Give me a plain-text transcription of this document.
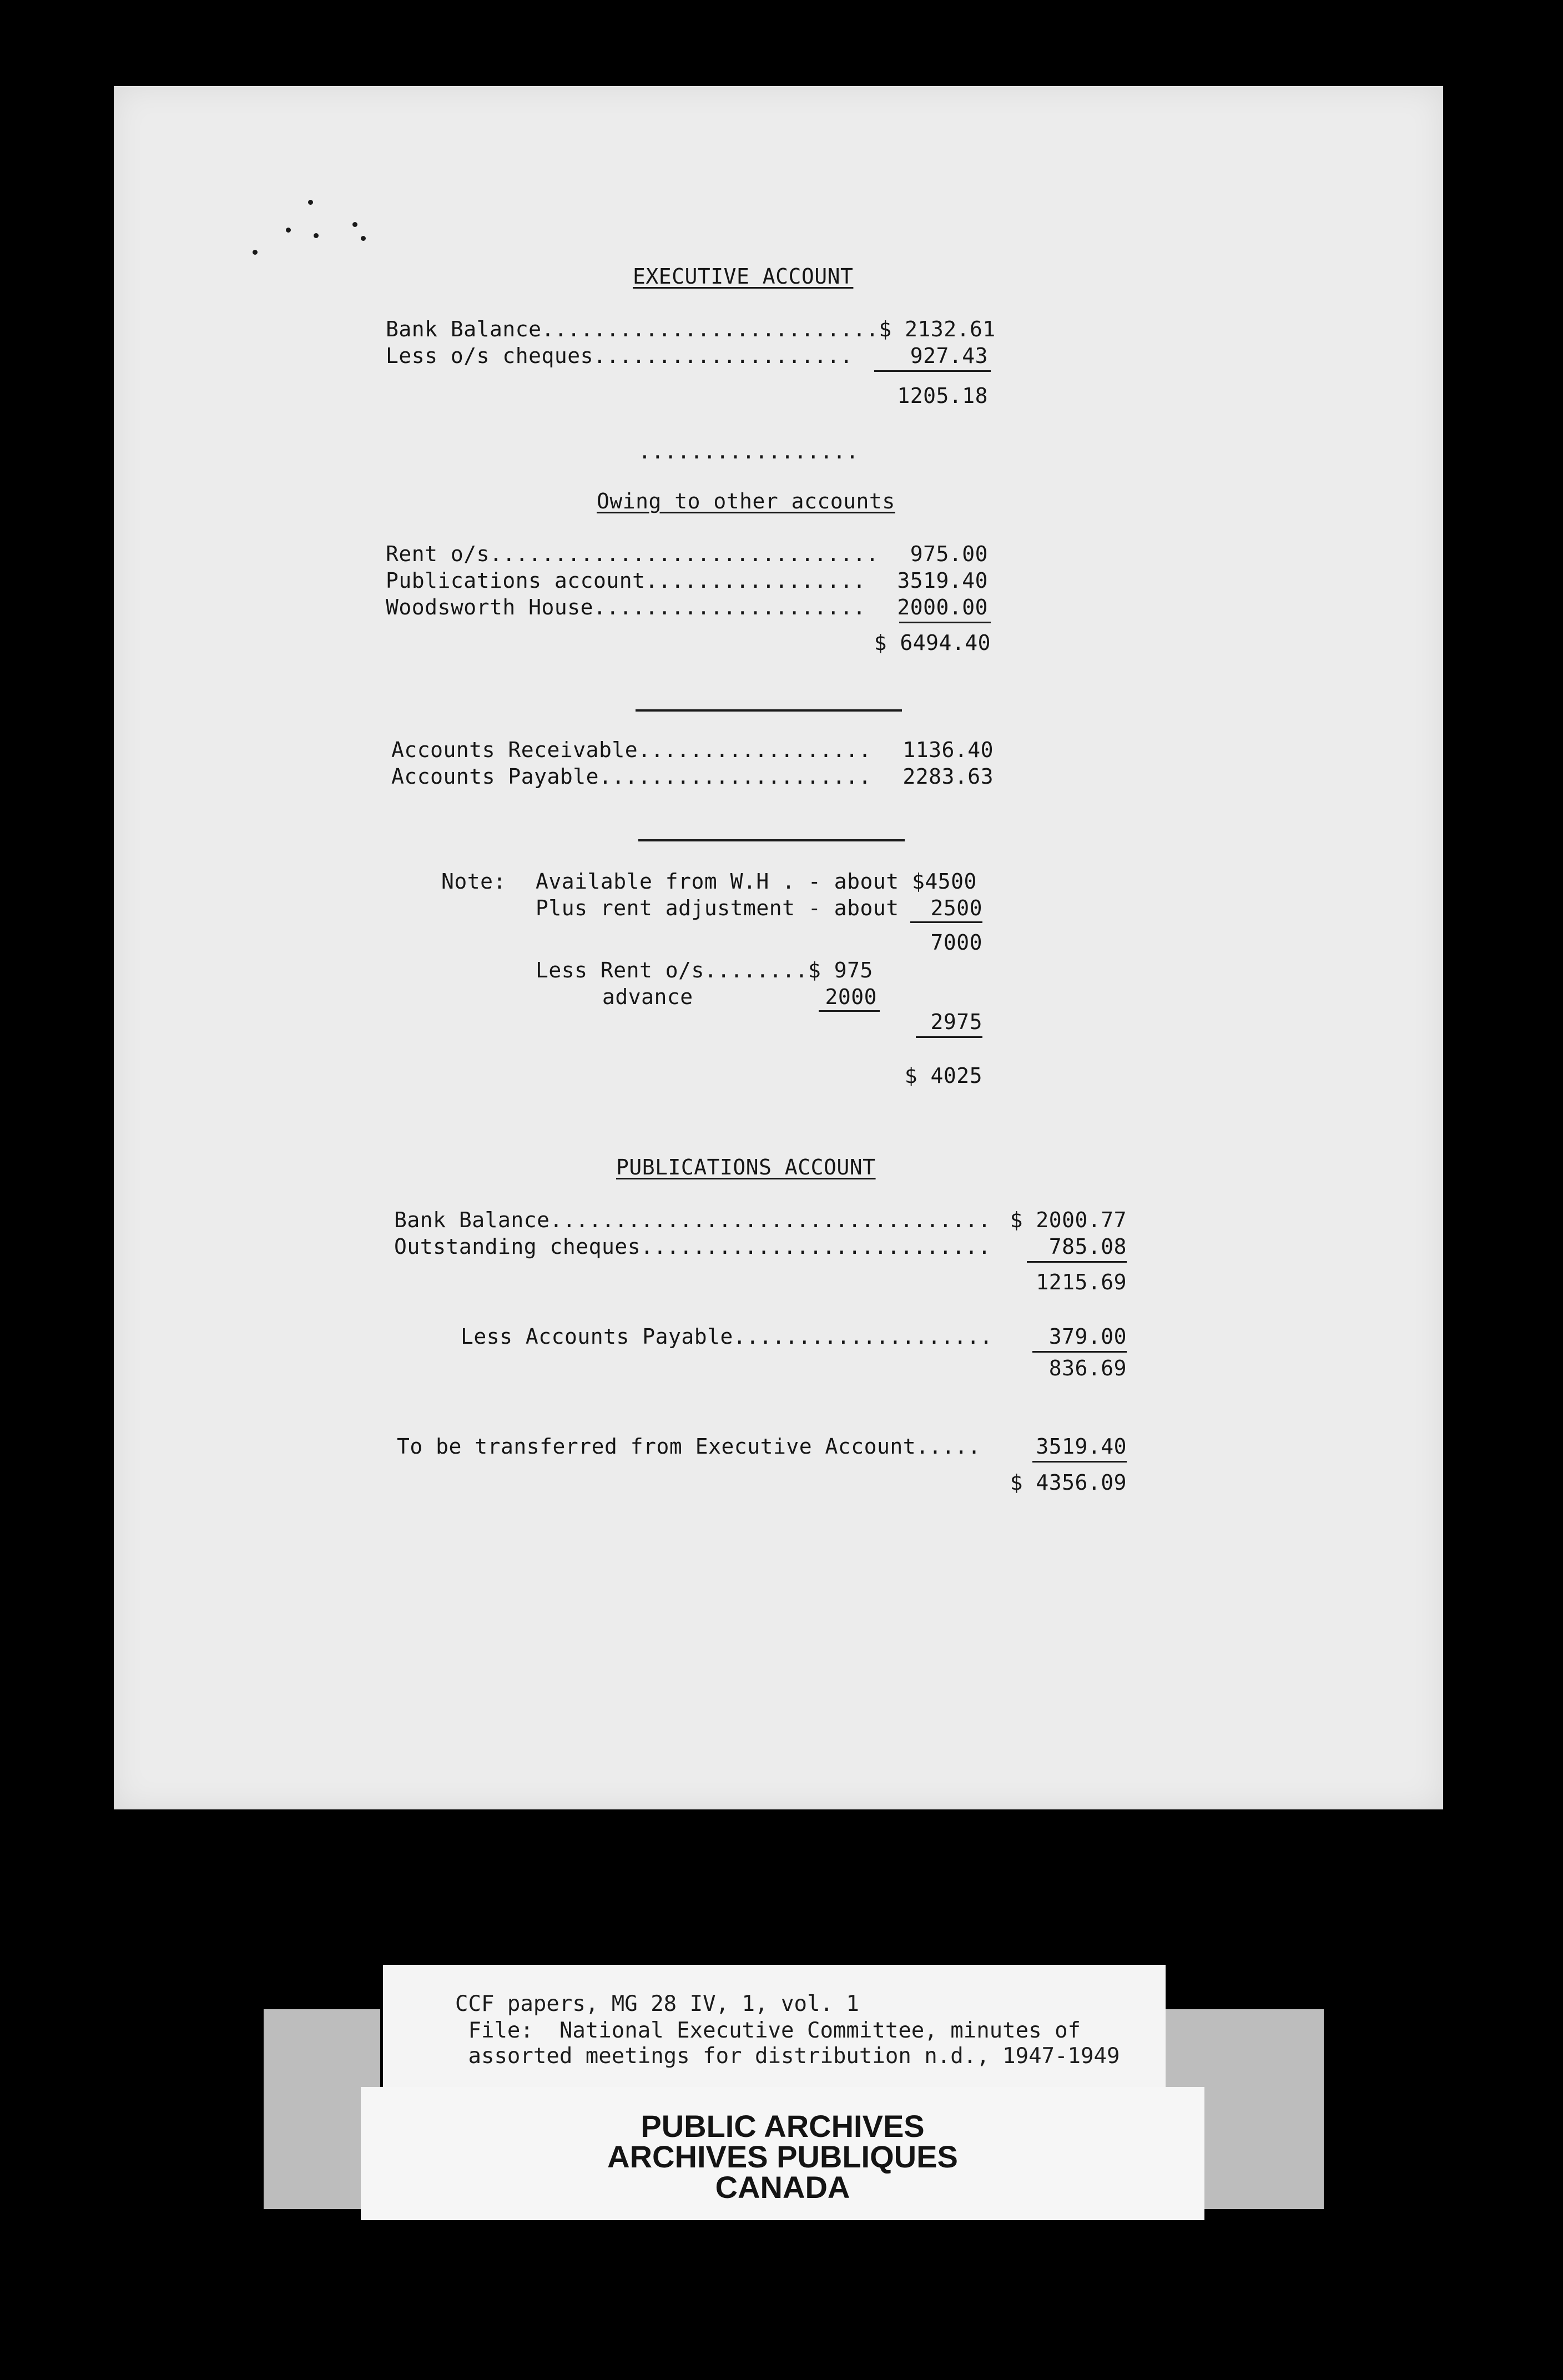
EXECUTIVE ACCOUNT
Bank Balance..........................$ 2132.61
Less o/s cheques....................	927.43
1205.18
.................
Owing to other accounts
Rent o/s..............................	975.00
Publications account.................	3519.40
Woodsworth House.....................	2000.00
$ 6494.40
Accounts Receivable..................	1136.40
Accounts Payable.....................	2283.63
Note: Available from W.H . - about $4500
Plus rent adjustment - about	2500
7000
Less Rent o/s........$ 975
advance	2000
2975
$ 4025
PUBLICATIONS ACCOUNT
Bank Balance.................................. $ 2000.77
Outstanding cheques...........................	785.08
1215.69
Less Accounts Payable....................	379.00
836.69
To be transferred from Executive Account.....	3519.40
$ 4356.09
CCF papers, MG 28 IV, 1, vol. 1
File:  National Executive Committee, minutes of
assorted meetings for distribution n.d., 1947-1949
PUBLIC ARCHIVES
ARCHIVES PUBLIQUES
CANADA
